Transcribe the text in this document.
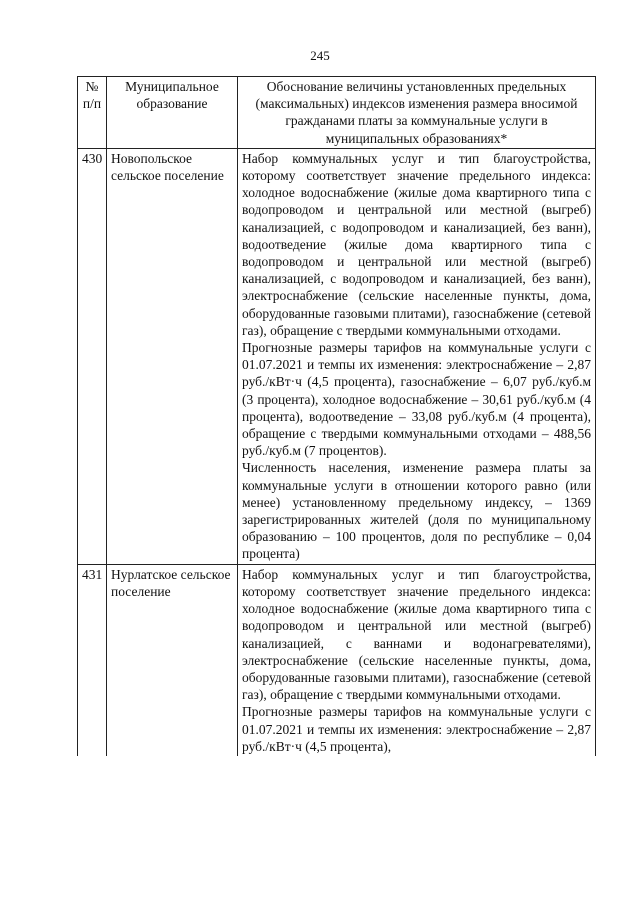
245
№ п/п	Муниципальное образование	Обоснование величины установленных предельных (максимальных) индексов изменения размера вносимой гражданами платы за коммунальные услуги в муниципальных образованиях*
430	Новопольское сельское поселение	Набор коммунальных услуг и тип благоустройства, которому соответствует значение предельного индекса: холодное водоснабжение (жилые дома квартирного типа с водопроводом и центральной или местной (выгреб) канализацией, с водопроводом и канализацией, без ванн), водоотведение (жилые дома квартирного типа с водопроводом и центральной или местной (выгреб) канализацией, с водопроводом и канализацией, без ванн), электроснабжение (сельские населенные пункты, дома, оборудованные газовыми плитами), газоснабжение (сетевой газ), обращение с твердыми коммунальными отходами.

Прогнозные размеры тарифов на коммунальные услуги с 01.07.2021 и темпы их изменения: электроснабжение – 2,87 руб./кВт·ч (4,5 процента), газоснабжение – 6,07 руб./куб.м (3 процента), холодное водоснабжение – 30,61 руб./куб.м (4 процента), водоотведение – 33,08 руб./куб.м (4 процента), обращение с твердыми коммунальными отходами – 488,56 руб./куб.м (7 процентов).

Численность населения, изменение размера платы за коммунальные услуги в отношении которого равно (или менее) установленному предельному индексу, – 1369 зарегистрированных жителей (доля по муниципальному образованию – 100 процентов, доля по республике – 0,04 процента)

431	Нурлатское сельское поселение	Набор коммунальных услуг и тип благоустройства, которому соответствует значение предельного индекса: холодное водоснабжение (жилые дома квартирного типа с водопроводом и центральной или местной (выгреб) канализацией, с ваннами и водонагревателями), электроснабжение (сельские населенные пункты, дома, оборудованные газовыми плитами), газоснабжение (сетевой газ), обращение с твердыми коммунальными отходами.

Прогнозные размеры тарифов на коммунальные услуги с 01.07.2021 и темпы их изменения: электроснабжение – 2,87 руб./кВт·ч (4,5 процента),
